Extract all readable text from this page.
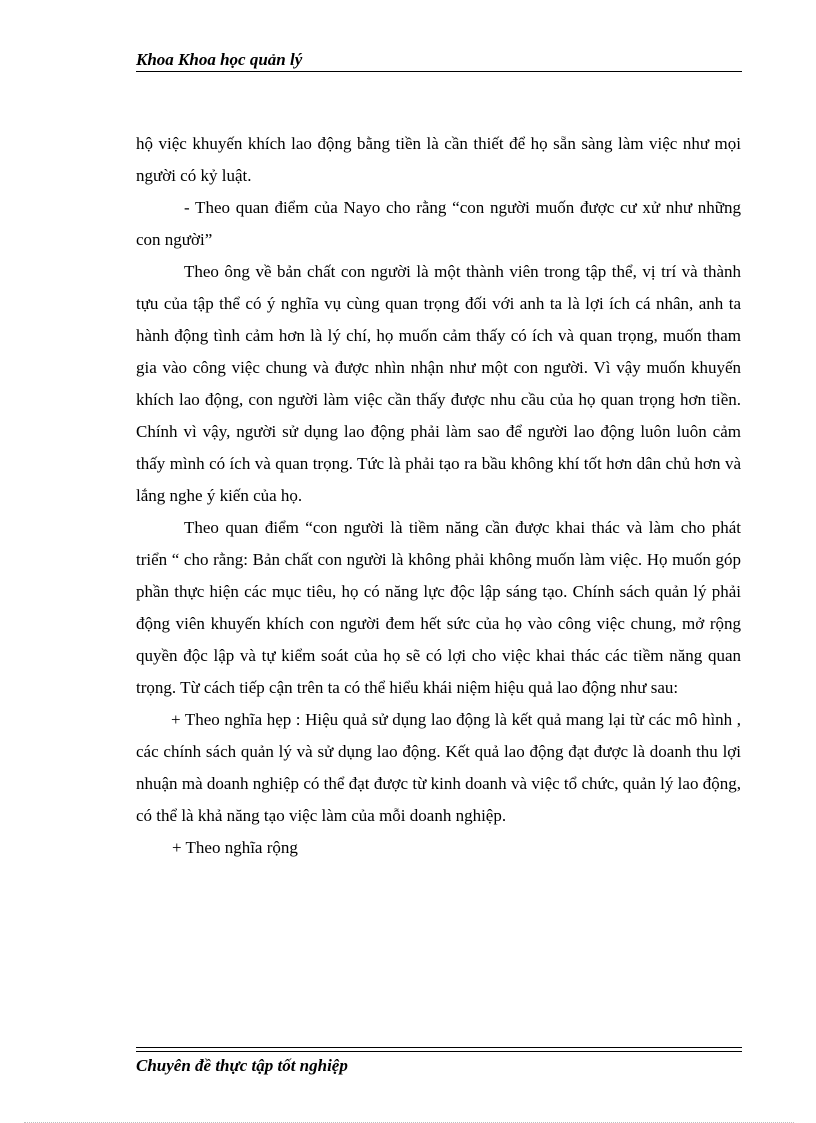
Khoa Khoa học quản lý

hộ việc khuyến khích lao động bằng tiền là cần thiết để họ sẵn sàng làm việc như mọi người có kỷ luật.

- Theo quan điểm của Nayo cho rằng “con người muốn được cư xử như những con người”

Theo ông về bản chất con người là một thành viên trong tập thể, vị trí và thành tựu của tập thể có ý nghĩa vụ cùng quan trọng đối với anh ta là lợi ích cá nhân, anh ta hành động tình cảm hơn là lý chí, họ muốn cảm thấy có ích và quan trọng, muốn tham gia vào công việc chung và được nhìn nhận như một con người. Vì vậy muốn khuyến khích lao động, con người làm việc cần thấy được nhu cầu của họ quan trọng hơn tiền. Chính vì vậy, người sử dụng lao động phải làm sao để người lao động luôn luôn cảm thấy mình có ích và quan trọng. Tức là phải tạo ra bầu không khí tốt hơn dân chủ hơn và lắng nghe ý kiến của họ.

Theo quan điểm “con người là tiềm năng cần được khai thác và làm cho phát triển “ cho rằng: Bản chất con người là không phải không muốn làm việc. Họ muốn góp phần thực hiện các mục tiêu, họ có năng lực độc lập sáng tạo. Chính sách quản lý phải động viên khuyến khích con người đem hết sức của họ vào công việc chung, mở rộng quyền độc lập và tự kiểm soát của họ sẽ có lợi cho việc khai thác các tiềm năng quan trọng. Từ cách tiếp cận trên ta có thể hiểu khái niệm hiệu quả lao động như sau:

+ Theo nghĩa hẹp : Hiệu quả sử dụng lao động là kết quả mang lại từ các mô hình , các chính sách quản lý và sử dụng lao động. Kết quả lao động đạt được là doanh thu lợi nhuận mà doanh nghiệp có thể đạt được từ kinh doanh và việc tổ chức, quản lý lao động, có thể là khả năng tạo việc làm của mỗi doanh nghiệp.

+ Theo nghĩa rộng

Chuyên đề thực tập tốt nghiệp
